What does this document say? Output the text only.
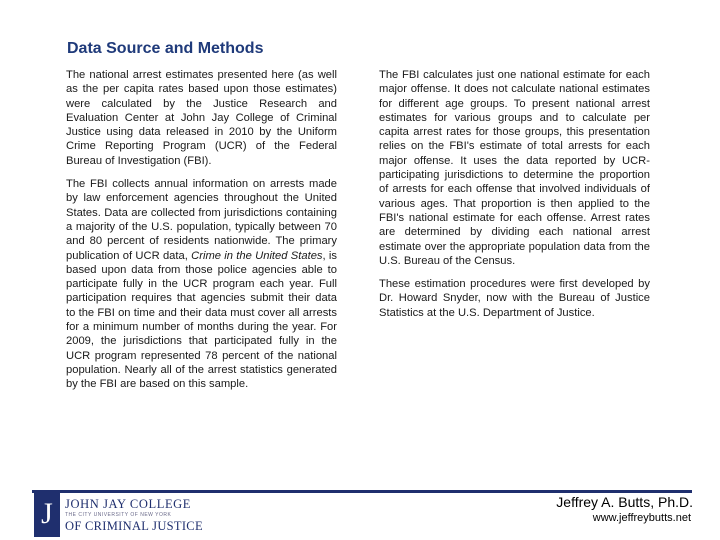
Data Source and Methods

The national arrest estimates presented here (as well as the per capita rates based upon those estimates) were calculated by the Justice Research and Evaluation Center at John Jay College of Criminal Justice using data released in 2010 by the Uniform Crime Reporting Program (UCR) of the Federal Bureau of Investigation (FBI).

The FBI collects annual information on arrests made by law enforcement agencies throughout the United States. Data are collected from jurisdictions containing a majority of the U.S. population, typically between 70 and 80 percent of residents nationwide. The primary publication of UCR data, Crime in the United States, is based upon data from those police agencies able to participate fully in the UCR program each year. Full participation requires that agencies submit their data to the FBI on time and their data must cover all arrests for a minimum number of months during the year. For 2009, the jurisdictions that participated fully in the UCR program represented 78 percent of the national population. Nearly all of the arrest statistics generated by the FBI are based on this sample.

The FBI calculates just one national estimate for each major offense. It does not calculate national estimates for different age groups. To present national arrest estimates for various groups and to calculate per capita arrest rates for those groups, this presentation relies on the FBI's estimate of total arrests for each major offense. It uses the data reported by UCR-participating jurisdictions to determine the proportion of arrests for each offense that involved individuals of various ages. That proportion is then applied to the FBI's national estimate for each offense. Arrest rates are determined by dividing each national arrest estimate over the appropriate population data from the U.S. Bureau of the Census.

These estimation procedures were first developed by Dr. Howard Snyder, now with the Bureau of Justice Statistics at the U.S. Department of Justice.

J JOHN JAY COLLEGE
THE CITY UNIVERSITY OF NEW YORK
OF CRIMINAL JUSTICE
Jeffrey A. Butts, Ph.D.
www.jeffreybutts.net
